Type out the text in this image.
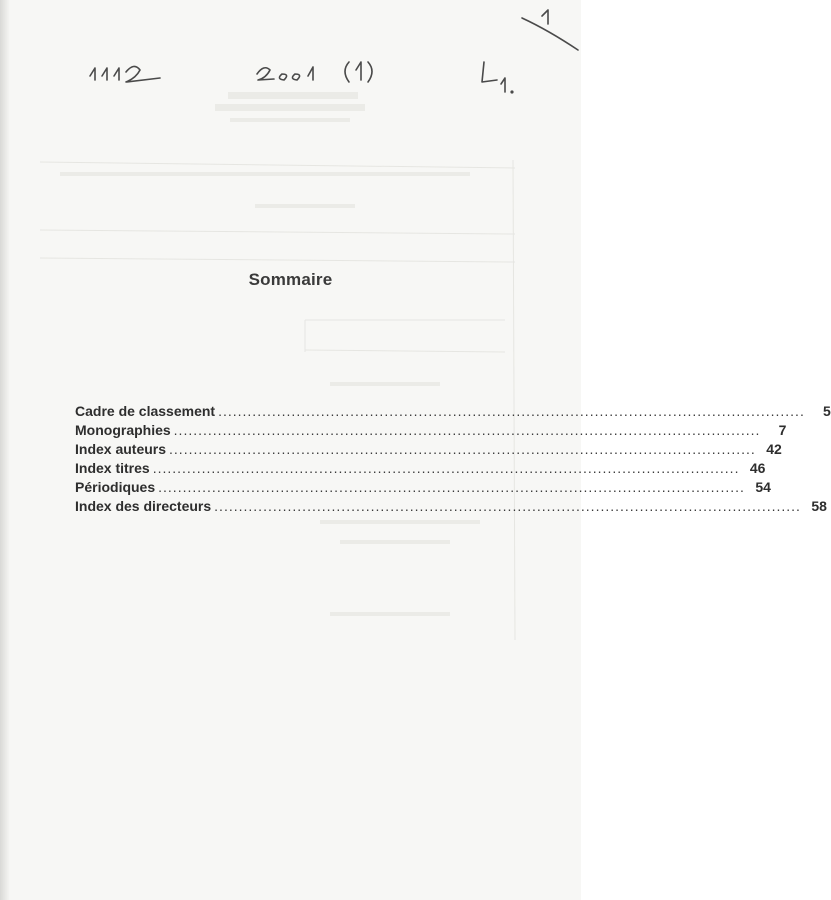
Sommaire
Cadre de classement ........................................................................................................................	5
Monographies ........................................................................................................................	7
Index auteurs ........................................................................................................................ 42
Index titres ........................................................................................................................ 46
Périodiques ........................................................................................................................ 54
Index des directeurs ........................................................................................................................ 58
